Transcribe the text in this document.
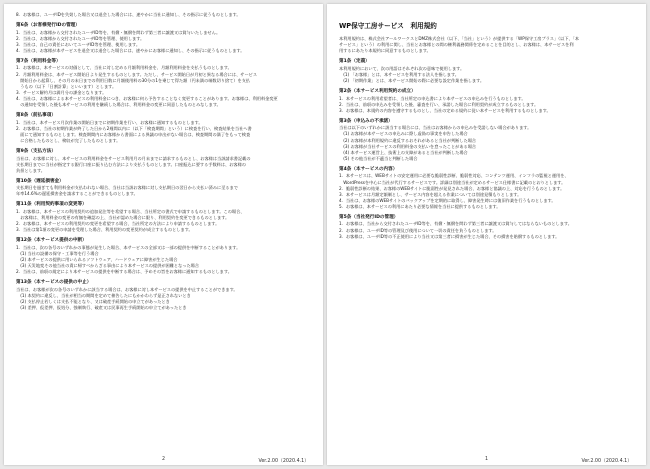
8．お客様は、ユーザIDを失効した場合又は退会した場合には、速やかに当社に通知し、その指示に従うものとします。
第6条（お客様発行IDの管理）
1．当社は、お客様から交付されたユーザID等を、有償・無償を問わず第三者に譲渡又は貸与いたしません。
2．当社は、お客様から交付されたユーザID等を管理、使用します。
3．当社は、自己の責任においてユーザID等を管理、使用します。
4．当社は、お客様が本サービスを退会又は退会した場合には、速やかにお客様に通知し、その指示に従うものとします。
第7条（利用料金等）
1．お客様は、本サービスの対価として、当社に対し定める月額利用料金を、月額利用料金を支払うものとします。
2．月額利用料金は、本サービス開始日より発生するものとします。ただし、サービス開始日が月初と異なる場合には、サービス
　開始日から起算し、その月の末日までの利用日数に月額使用料の30分の1を乗じて得た額（円未満の端数切り捨て）を支払
　うもの（以下「日割計算」といいます）とします。
3．サービス解約月は満月分の課金となります。
4．当社は、お客様による本サービスの利用料金につき、お客様に何ら予告することなく変更することがあります。お客様は、利用料金変更
　の通知を受領した後も本サービスの利用を継続した場合は、利用料金の変更に同意したものとみなします。
第8条（前払事項）
1．当社は、本サービス月次作業の開始日までに初期作業を行い、お客様に通知するものとします。
2．お客様は、当社の初期作業が終了した日から2週間以内に（以下「検査期間」という）に検査を行い、検査結果を当社へ書
　面にて通知するものとします。検査期間内にお客様から書面による異議の申出がない場合は、検査期間の満了をもって検査
　に合格したものとし、検収が完了したものとします。
第9条（支払方法）
当社は、お客様に対し、本サービスの利用料金をサービス利用月の月末までに請求するものとし、お客様は当該請求書記載の
支払期日までに当社が指定する銀行口座に振り込む方法により支払うものとします。口座振込に要する手数料は、お客様の
負担とします。
第10条（遅延損害金）
支払期日を過ぎても利用料金が支払われない場合、当社は当該お客様に対し支払期日の翌日から支払い済みに至るまで
年率14.6%の遅延損害金を請求することができるものとします。
第11条（利用契約事項の変更等）
1．お客様は、本サービスの利用契約の追加発注等を希望する場合、当社所定の書式で申請するものとします。この場合、
　お客様は、利用料金の変更の有無を確認の上、当社が認めた場合に限り、利用契約を変更できるものとします。
2．お客様は、本サービスの利用契約の変更を希望する場合、当社所定の方法により申請するものとします。
3．当社は第1項の変更の申請を受理した場合、利用契約の変更契約が成立するものとします。
第12条（本サービス提供の中断）
1．当社は、次の各号のいずれかの事態が発生した場合、本サービスの全部又は一部の提供を中断することがあります。
　(1) 当社の設備の保守・工事等を行う場合
　(2) 本サービスの提供に用いられるソフトウェア、ハードウェアに障害が生じた場合
　(3) 天災地変その他当社の責に帰すべからざる事由により本サービスの提供が困難となった場合
2．当社は、前項の規定により本サービスの提供を中断する場合は、予めその旨をお客様に通知するものとします。
第13条（本サービスの提供の中止）
当社は、お客様が次の各号のいずれかに該当する場合は、お客様に対し本サービスの提供を中止することができます。
　(1) 本契約に違反し、当社が相当の期間を定めて催告したにもかかわらず是正されないとき
　(2) 支払停止若しくは支払不能となり、又は破産手続開始の申立てがあったとき
　(3) 差押、仮差押、仮処分、強制執行、破産又は民事再生手続開始の申立てがあったとき
2	Ver.2.00（2020.4.1）
WP保守工房サービス　利用規約
本利用規約は、株式会社アールワークスとDMZ株式会社（以下、「当社」という）が提供する「WP保守工房プラス」（以下、「本
サービス」という）の利用に関し、当社とお客様との間の権利義務関係を定めることを目的とし、お客様は、本サービスを利
用するにあたり本規約に同意するものとします。
第1条（定義）
本利用規約において、次の用語はそれぞれ次の意味で使用します。
　(1) 「お客様」とは、本サービスを利用する法人を指します。
　(2) 「初期作業」とは、本サービス開始の際に必要な設定作業を指します。
第2条（本サービス利用契約の成立）
1．本サービスの利用希望者は、当社所定の申込書により本サービスの申込みを行うものとします。
2．当社は、前項の申込みを受領した後、審査を行い、承諾した場合に利用契約が成立するものとします。
3．お客様は、本規約の内容を遵守するものとし、当社の定める規約に従い本サービスを利用するものとします。
第3条（申込みの不承諾）
当社は以下のいずれかに該当する場合には、当社はお客様からの申込みを受諾しない場合があります。
　(1) お客様が本サービスの申込みに際し虚偽の事実を申告した場合
　(2) お客様が本利用規約に違反するおそれがあると当社が判断した場合
　(3) お客様が当社サービスの利用料金の支払いを怠ったことがある場合
　(4) 本サービス運営上、技術上の支障があると当社が判断した場合
　(5) その他当社が不適当と判断した場合
第4条（本サービスの内容）
1．本サービスは、WEBサイトの安定運用に必要な脆弱性診断、脆弱性対応、コンテンツ運用、インフラの監視と運用を、
　WordPressを中心に当社が代行するサービスです。詳細は別途当社が定めるサービス仕様書に記載のとおりとします。
2．脆弱性診断の結果、お客様のWEBサイトに脆弱性が発見された場合、お客様と協議の上、対応を行うものとします。
3．本サービスは月額定額制とし、サービス内容を超える作業については別途見積もりとします。
4．当社は、お客様のWEBサイトのバックアップを定期的に取得し、障害発生時には復旧作業を行うものとします。
5．お客様は、本サービスの利用にあたり必要な情報を当社に提供するものとします。
第5条（当社発行IDの管理）
1．お客様は、当社から交付されたユーザID等を、有償・無償を問わず第三者に譲渡又は貸与してはならないものとします。
2．お客様は、ユーザID等の管理及び使用について一切の責任を負うものとします。
3．お客様は、ユーザID等の不正使用により当社又は第三者に損害が生じた場合、その損害を賠償するものとします。
1	Ver.2.00（2020.4.1）
